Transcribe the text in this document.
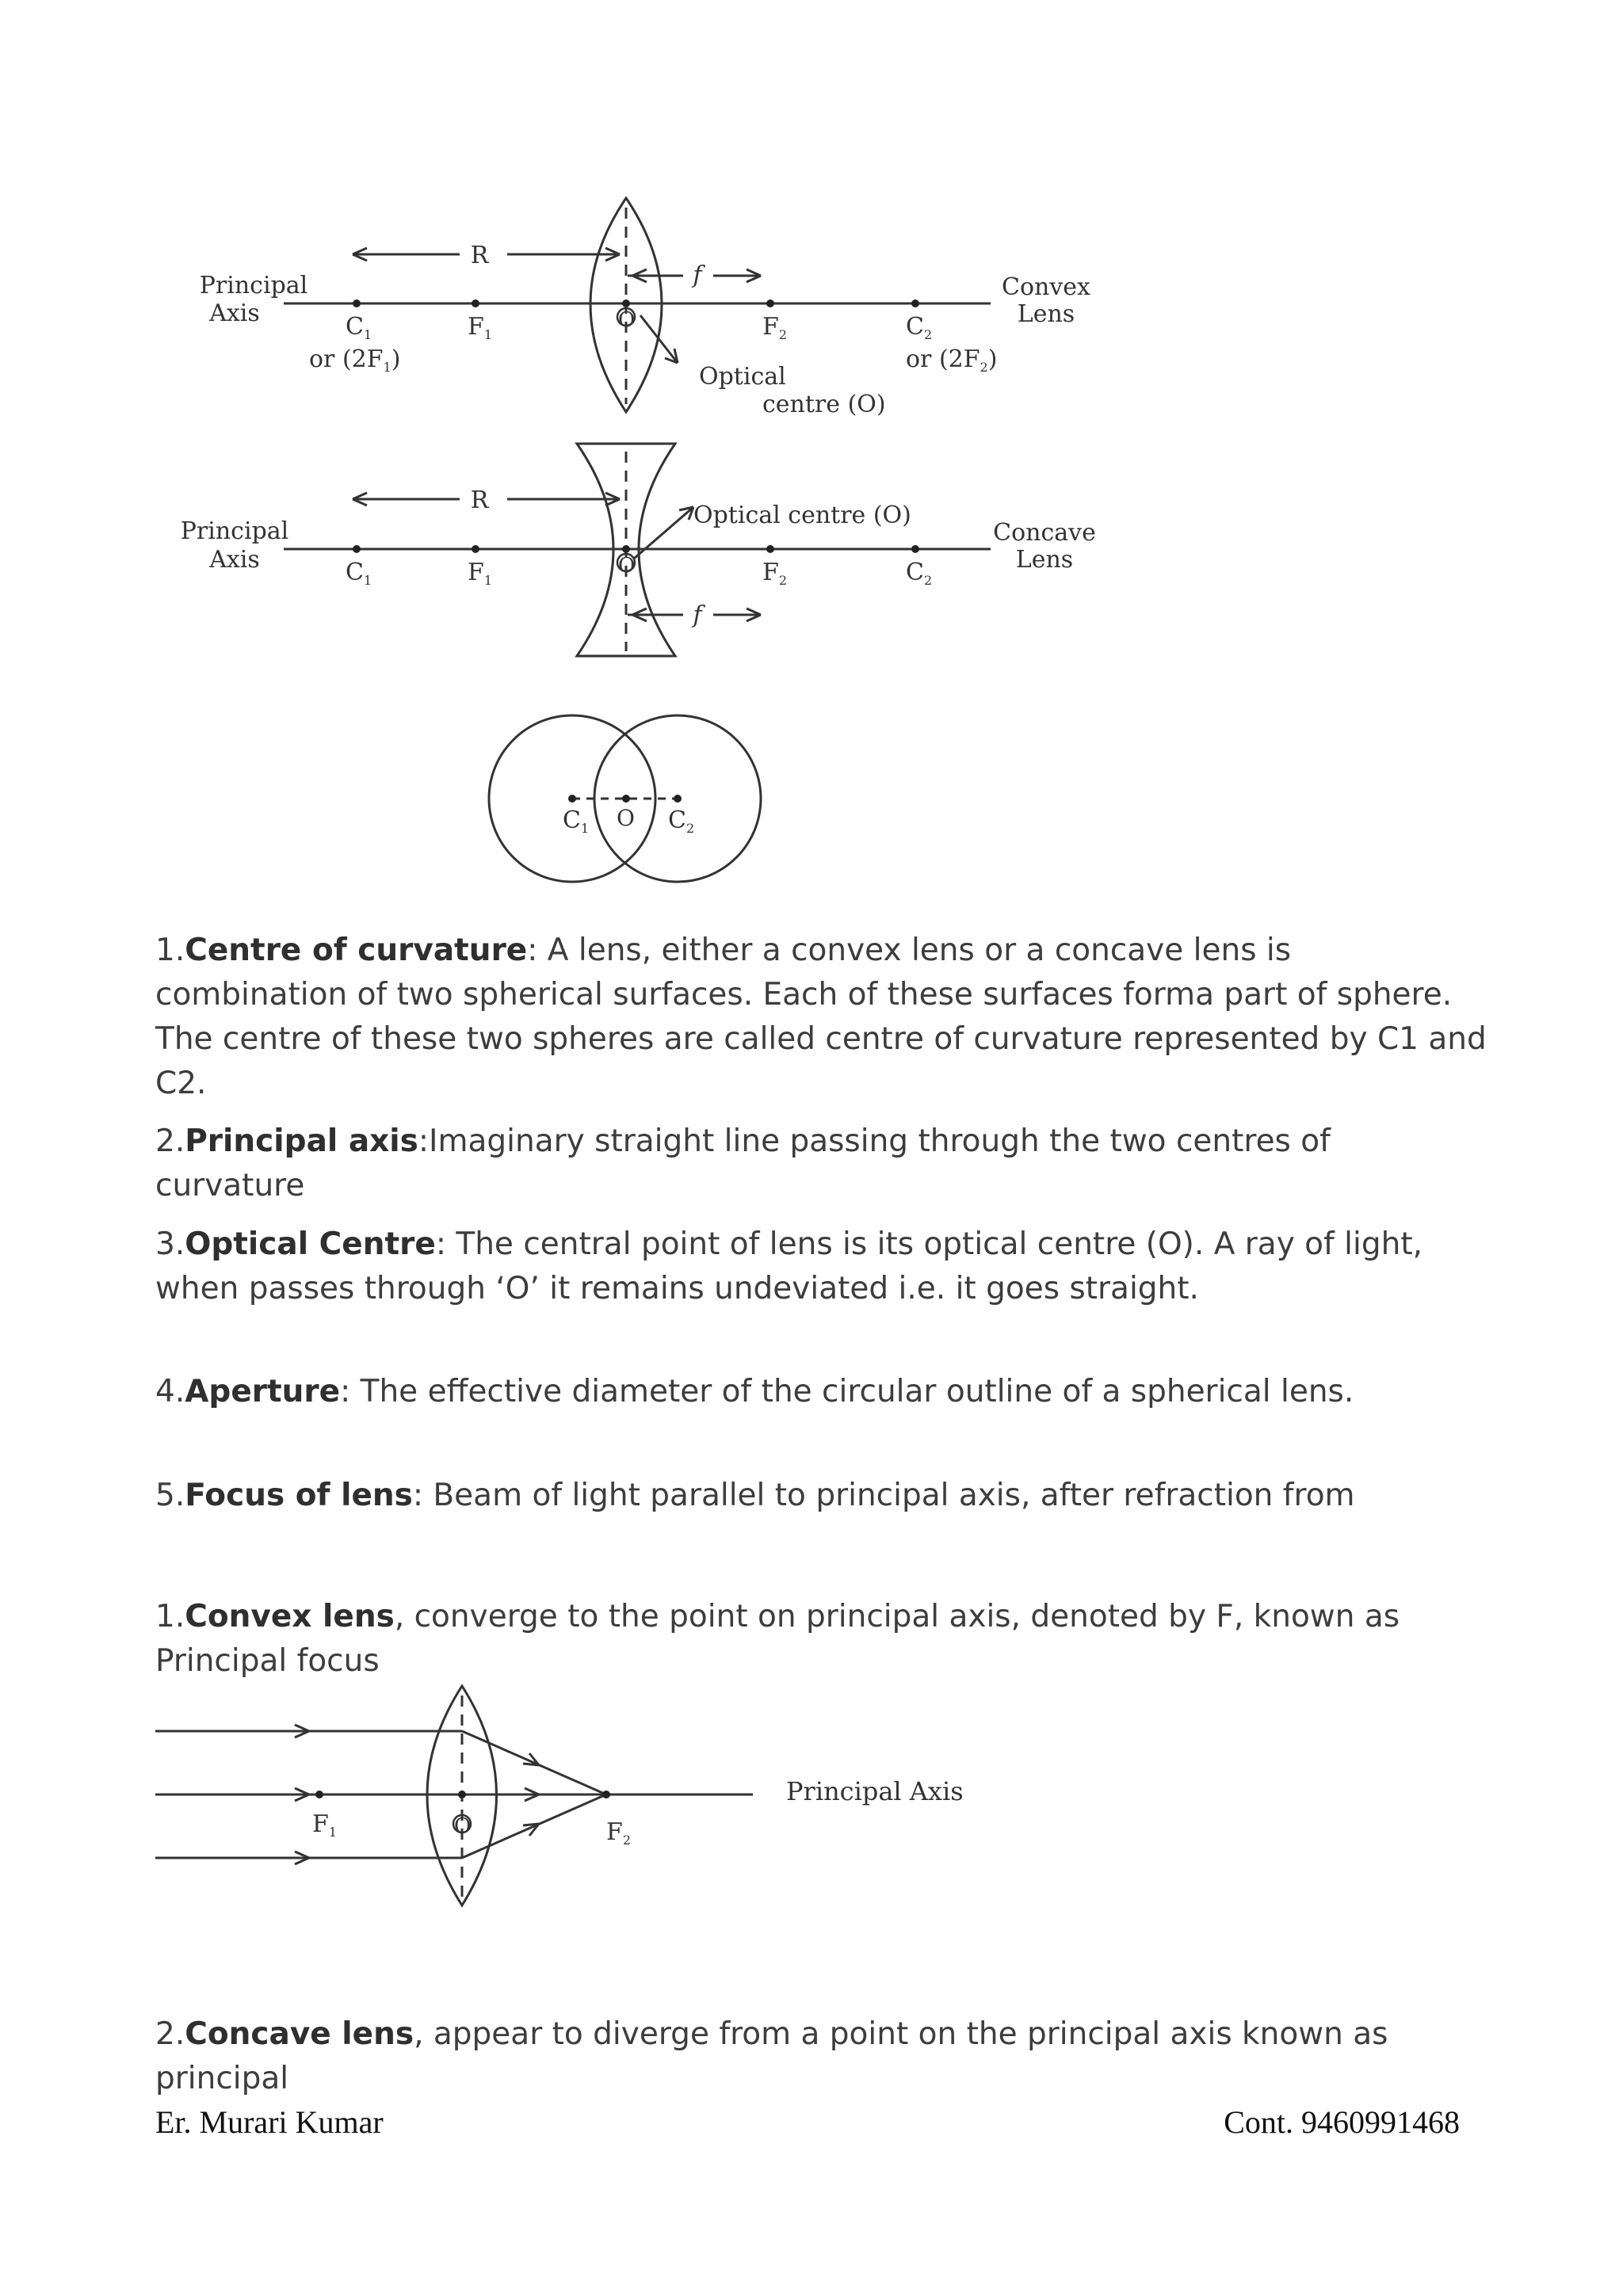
Principal
Axis
Convex
Lens
R
f
$C_1$	$F_1$
O	$F_2$	$C_2$
or $(2F_1)$	or $(2F_2)$
Optical
centre (O)
Principal
Axis
Concave
Lens
R
f
$C_1$	$F_1$
O	$F_2$	$C_2$
Optical centre (O)
$C_1$ O $C_2$
Principal Axis
$F_1$	O	$F_2$
1.Centre of curvature: A lens, either a convex lens or a concave lens is combination of two spherical surfaces. Each of these surfaces forma part of sphere. The centre of these two spheres are called centre of curvature represented by C1 and C2.
2.Principal axis:Imaginary straight line passing through the two centres of curvature
3.Optical Centre: The central point of lens is its optical centre (O). A ray of light, when passes through ‘O’ it remains undeviated i.e. it goes straight.
4.Aperture: The effective diameter of the circular outline of a spherical lens.
5.Focus of lens: Beam of light parallel to principal axis, after refraction from
1.Convex lens, converge to the point on principal axis, denoted by F, known as Principal focus
2.Concave lens, appear to diverge from a point on the principal axis known as principal
Er. Murari Kumar	Cont. 9460991468
